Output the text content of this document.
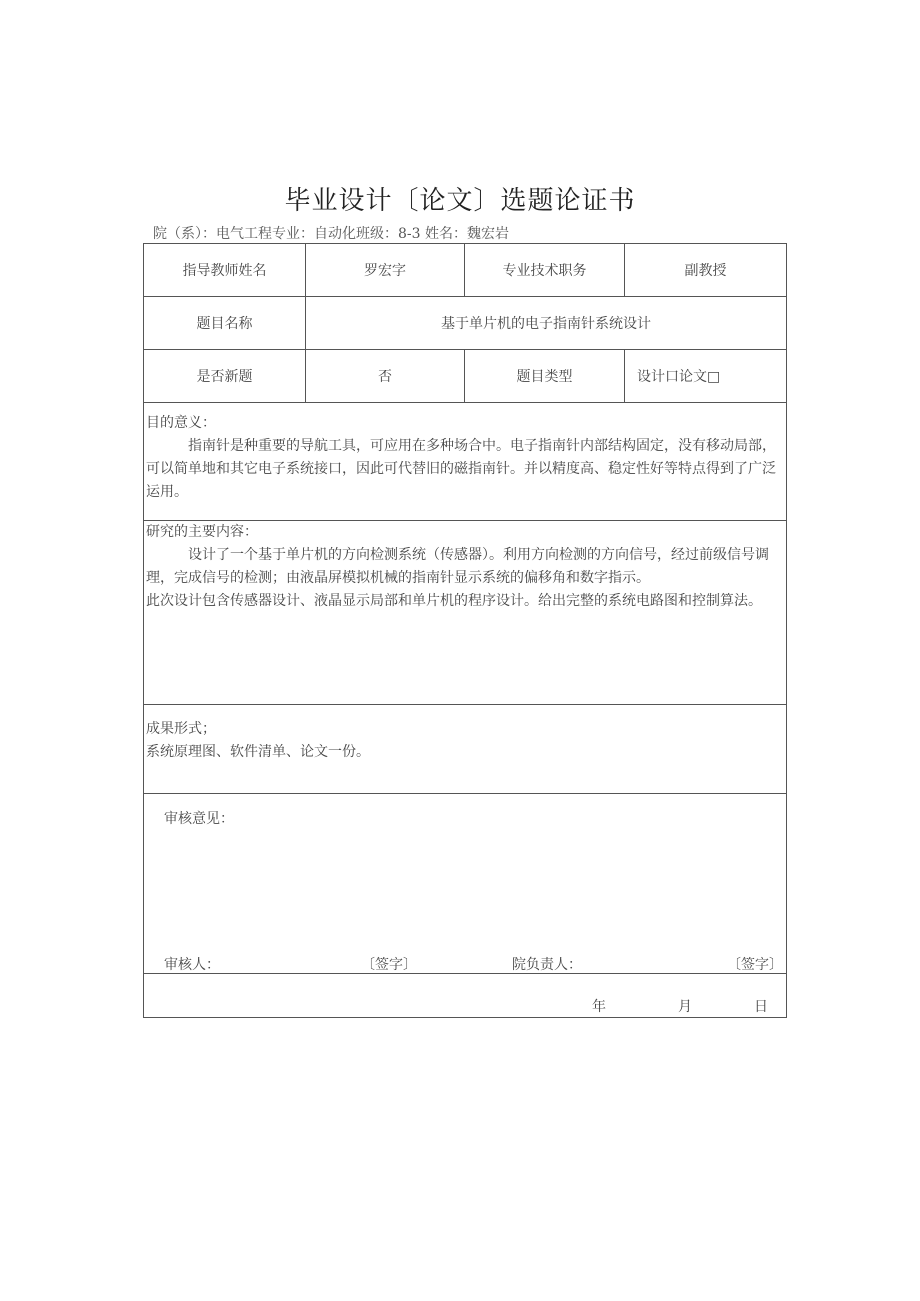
毕业设计〔论文〕选题论证书
院（系）：电气工程专业：自动化班级：8-3 姓名：魏宏岩
指导教师姓名	罗宏字	专业技术职务	副教授
题目名称	基于单片机的电子指南针系统设计		
是否新题	否	题目类型	设计口论文□

目的意义：

指南针是种重要的导航工具，可应用在多种场合中。电子指南针内部结构固定，没有移动局部，可以简单地和其它电子系统接口，因此可代替旧的磁指南针。并以精度高、稳定性好等特点得到了广泛运用。			

研究的主要内容：

设计了一个基于单片机的方向检测系统（传感器）。利用方向检测的方向信号，经过前级信号调理，完成信号的检测；由液晶屏模拟机械的指南针显示系统的偏移角和数字指示。

此次设计包含传感器设计、液晶显示局部和单片机的程序设计。给出完整的系统电路图和控制算法。			

成果形式；

系统原理图、软件清单、论文一份。			

审核意见：
审核人： 〔签字〕 院负责人： 〔签字〕			

年 月 日			
